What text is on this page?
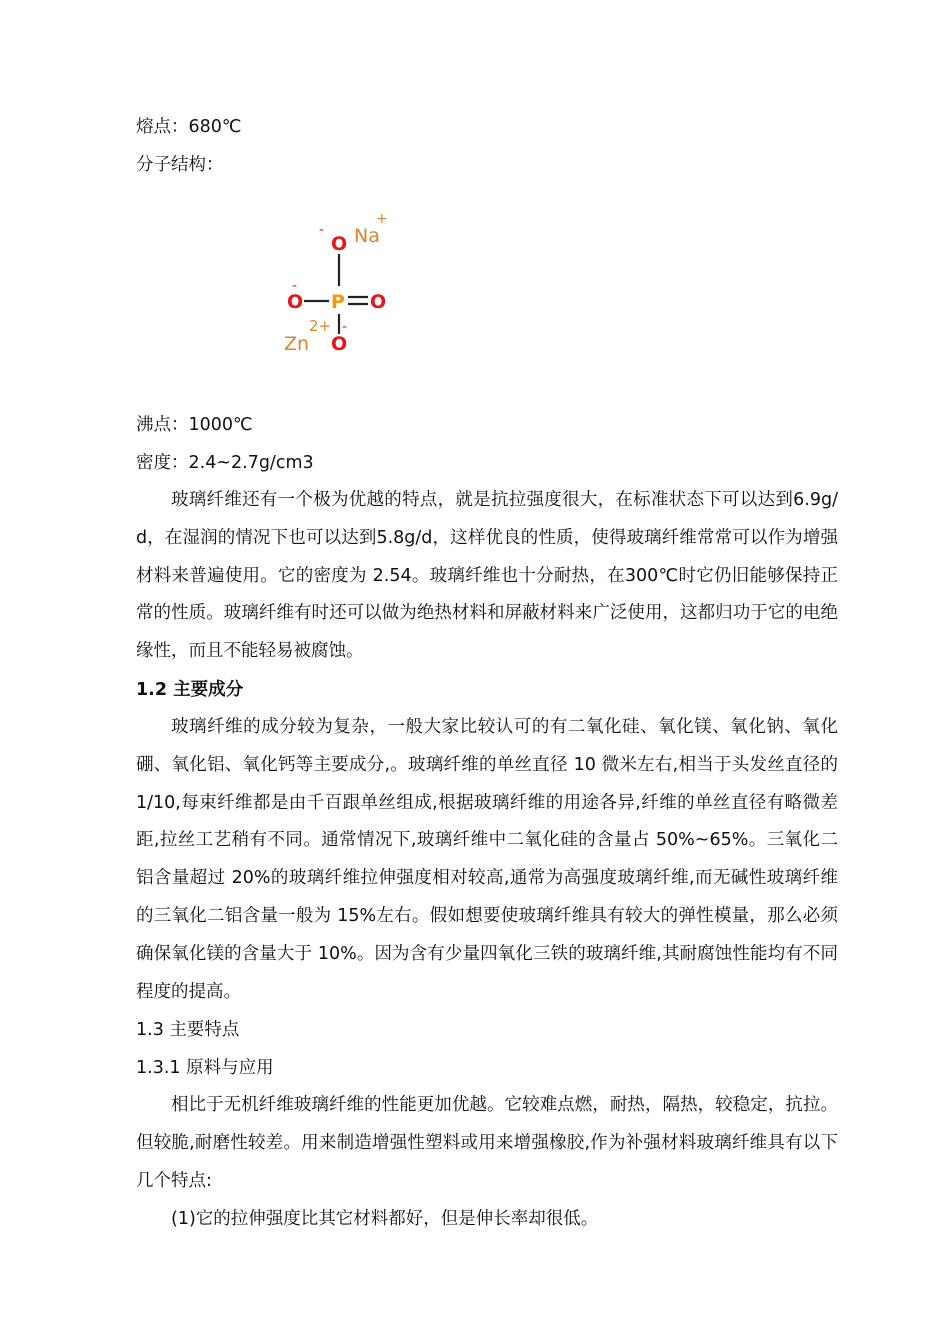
熔点：680℃
分子结构：
Na
+
O
-
O
-
P O
O
-
Zn
2+
沸点：1000℃
密度：2.4~2.7g/cm3

玻璃纤维还有一个极为优越的特点，就是抗拉强度很大，在标准状态下可以达到6.9g/d，在湿润的情况下也可以达到5.8g/d，这样优良的性质，使得玻璃纤维常常可以作为增强材料来普遍使用。它的密度为 2.54。玻璃纤维也十分耐热，在300℃时它仍旧能够保持正常的性质。玻璃纤维有时还可以做为绝热材料和屏蔽材料来广泛使用，这都归功于它的电绝缘性，而且不能轻易被腐蚀。

1.2 主要成分

玻璃纤维的成分较为复杂，一般大家比较认可的有二氧化硅、氧化镁、氧化钠、氧化硼、氧化铝、氧化钙等主要成分,。玻璃纤维的单丝直径 10 微米左右,相当于头发丝直径的 1/10,每束纤维都是由千百跟单丝组成,根据玻璃纤维的用途各异,纤维的单丝直径有略微差距,拉丝工艺稍有不同。通常情况下,玻璃纤维中二氧化硅的含量占 50%~65%。三氧化二铝含量超过 20%的玻璃纤维拉伸强度相对较高,通常为高强度玻璃纤维,而无碱性玻璃纤维的三氧化二铝含量一般为 15%左右。假如想要使玻璃纤维具有较大的弹性模量，那么必须确保氧化镁的含量大于 10%。因为含有少量四氧化三铁的玻璃纤维,其耐腐蚀性能均有不同程度的提高。

1.3 主要特点
1.3.1 原料与应用

相比于无机纤维玻璃纤维的性能更加优越。它较难点燃，耐热，隔热，较稳定，抗拉。但较脆,耐磨性较差。用来制造增强性塑料或用来增强橡胶,作为补强材料玻璃纤维具有以下几个特点:

(1)它的拉伸强度比其它材料都好，但是伸长率却很低。
